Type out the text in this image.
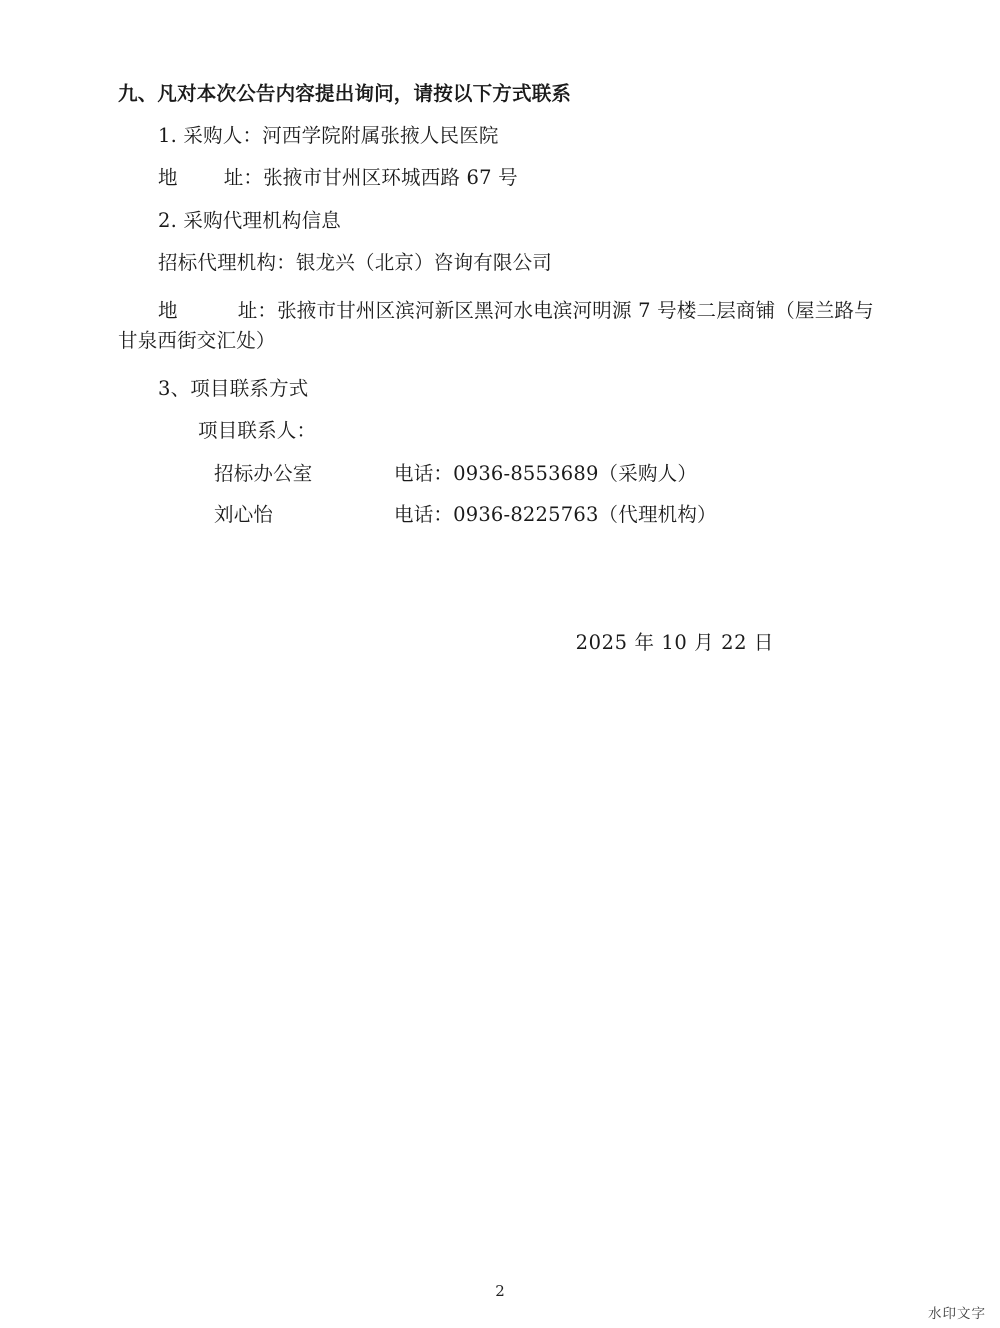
九、凡对本次公告内容提出询问，请按以下方式联系

1. 采购人：河西学院附属张掖人民医院

地 址：张掖市甘州区环城西路 67 号

2. 采购代理机构信息

招标代理机构：银龙兴（北京）咨询有限公司

地	址：张掖市甘州区滨河新区黑河水电滨河明源 7 号楼二层商铺（屋兰路与
甘泉西街交汇处）

3、项目联系方式

项目联系人：

招标办公室	电话：0936-8553689（采购人）

刘心怡	电话：0936-8225763（代理机构）

2025 年 10 月 22 日

2
水印文字
